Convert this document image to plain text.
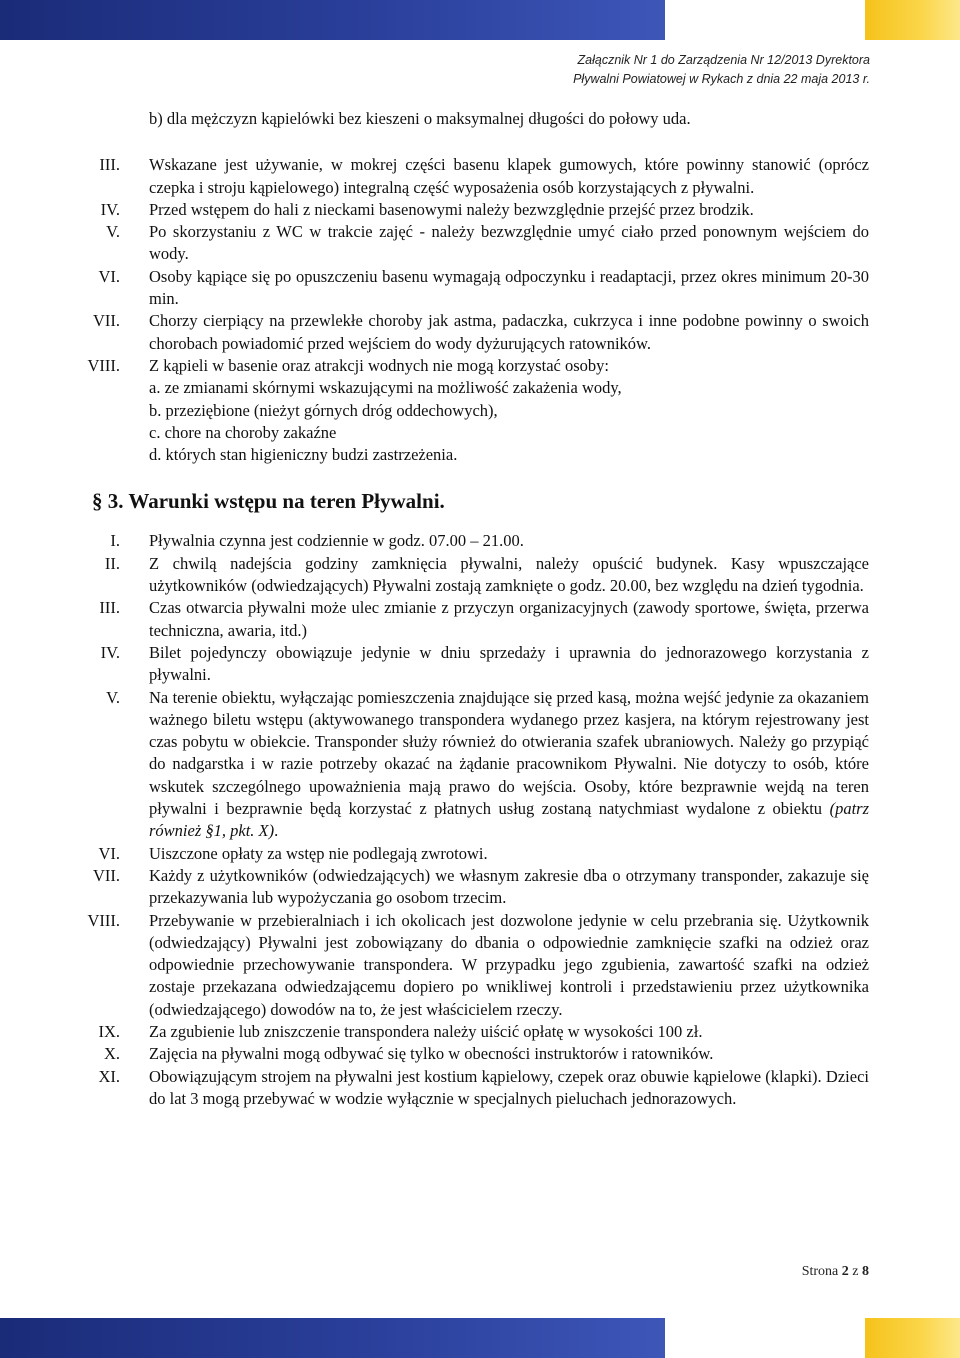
Załącznik Nr 1 do Zarządzenia Nr 12/2013 Dyrektora
Pływalni Powiatowej w Rykach z dnia 22 maja 2013 r.
b) dla mężczyzn kąpielówki bez kieszeni o maksymalnej długości do połowy uda.
III. Wskazane jest używanie, w mokrej części basenu klapek gumowych, które powinny stanowić (oprócz czepka i stroju kąpielowego) integralną część wyposażenia osób korzystających z pływalni.
IV. Przed wstępem do hali z nieckami basenowymi należy bezwzględnie przejść przez brodzik.
V. Po skorzystaniu z WC w trakcie zajęć - należy bezwzględnie umyć ciało przed ponownym wejściem do wody.
VI. Osoby kąpiące się po opuszczeniu basenu wymagają odpoczynku i readaptacji, przez okres minimum 20-30 min.
VII. Chorzy cierpiący na przewlekłe choroby jak astma, padaczka, cukrzyca i inne podobne powinny o swoich chorobach powiadomić przed wejściem do wody dyżurujących ratowników.
VIII. Z kąpieli w basenie oraz atrakcji wodnych nie mogą korzystać osoby:
a. ze zmianami skórnymi wskazującymi na możliwość zakażenia wody,
b. przeziębione (nieżyt górnych dróg oddechowych),
c. chore na choroby zakaźne
d. których stan higieniczny budzi zastrzeżenia.
§ 3. Warunki wstępu na teren Pływalni.
I. Pływalnia czynna jest codziennie w godz. 07.00 – 21.00.
II. Z chwilą nadejścia godziny zamknięcia pływalni, należy opuścić budynek. Kasy wpuszczające użytkowników (odwiedzających) Pływalni zostają zamknięte o godz. 20.00, bez względu na dzień tygodnia.
III. Czas otwarcia pływalni może ulec zmianie z przyczyn organizacyjnych (zawody sportowe, święta, przerwa techniczna, awaria, itd.)
IV. Bilet pojedynczy obowiązuje jedynie w dniu sprzedaży i uprawnia do jednorazowego korzystania z pływalni.
V. Na terenie obiektu, wyłączając pomieszczenia znajdujące się przed kasą, można wejść jedynie za okazaniem ważnego biletu wstępu (aktywowanego transpondera wydanego przez kasjera, na którym rejestrowany jest czas pobytu w obiekcie. Transponder służy również do otwierania szafek ubraniowych. Należy go przypiąć do nadgarstka i w razie potrzeby okazać na żądanie pracownikom Pływalni. Nie dotyczy to osób, które wskutek szczególnego upoważnienia mają prawo do wejścia. Osoby, które bezprawnie wejdą na teren pływalni i bezprawnie będą korzystać z płatnych usług zostaną natychmiast wydalone z obiektu (patrz również §1, pkt. X).
VI. Uiszczone opłaty za wstęp nie podlegają zwrotowi.
VII. Każdy z użytkowników (odwiedzających) we własnym zakresie dba o otrzymany transponder, zakazuje się przekazywania lub wypożyczania go osobom trzecim.
VIII. Przebywanie w przebieralniach i ich okolicach jest dozwolone jedynie w celu przebrania się. Użytkownik (odwiedzający) Pływalni jest zobowiązany do dbania o odpowiednie zamknięcie szafki na odzież oraz odpowiednie przechowywanie transpondera. W przypadku jego zgubienia, zawartość szafki na odzież zostaje przekazana odwiedzającemu dopiero po wnikliwej kontroli i przedstawieniu przez użytkownika (odwiedzającego) dowodów na to, że jest właścicielem rzeczy.
IX. Za zgubienie lub zniszczenie transpondera należy uiścić opłatę w wysokości 100 zł.
X. Zajęcia na pływalni mogą odbywać się tylko w obecności instruktorów i ratowników.
XI. Obowiązującym strojem na pływalni jest kostium kąpielowy, czepek oraz obuwie kąpielowe (klapki). Dzieci do lat 3 mogą przebywać w wodzie wyłącznie w specjalnych pieluchach jednorazowych.
Strona 2 z 8
